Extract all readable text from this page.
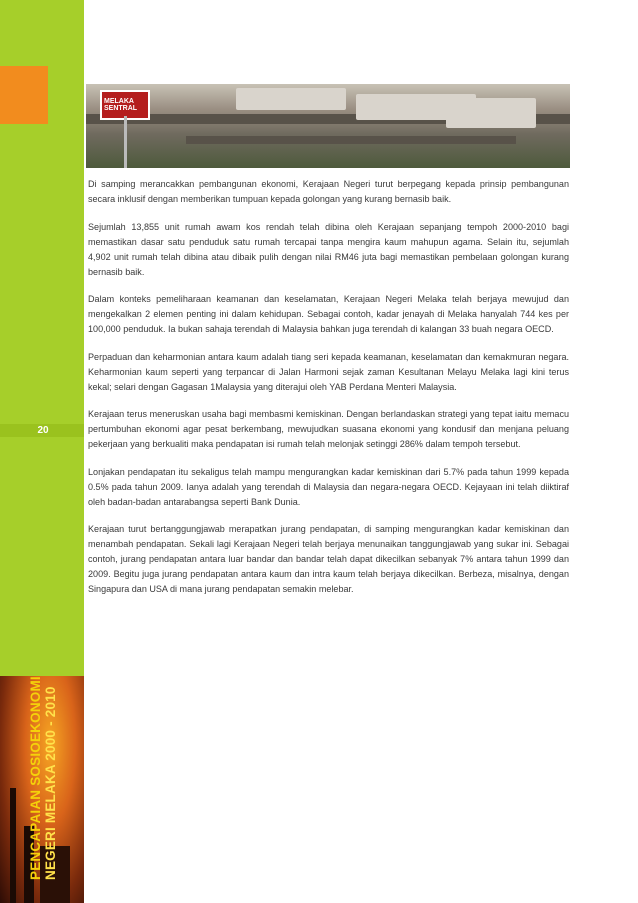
20
PENCAPAIAN SOSIOEKONOMI NEGERI MELAKA 2000 - 2010
MELAKA SENTRAL

Di samping merancakkan pembangunan ekonomi, Kerajaan Negeri turut berpegang kepada prinsip pembangunan secara inklusif dengan memberikan tumpuan kepada golongan yang kurang bernasib baik.

Sejumlah 13,855 unit rumah awam kos rendah telah dibina oleh Kerajaan sepanjang tempoh 2000-2010 bagi memastikan dasar satu penduduk satu rumah tercapai tanpa mengira kaum mahupun agama. Selain itu, sejumlah 4,902 unit rumah telah dibina atau dibaik pulih dengan nilai RM46 juta bagi memastikan pembelaan golongan kurang bernasib baik.

Dalam konteks pemeliharaan keamanan dan keselamatan, Kerajaan Negeri Melaka telah berjaya mewujud dan mengekalkan 2 elemen penting ini dalam kehidupan. Sebagai contoh, kadar jenayah di Melaka hanyalah 744 kes per 100,000 penduduk. Ia bukan sahaja terendah di Malaysia bahkan juga terendah di kalangan 33 buah negara OECD.

Perpaduan dan keharmonian antara kaum adalah tiang seri kepada keamanan, keselamatan dan kemakmuran negara. Keharmonian kaum seperti yang terpancar di Jalan Harmoni sejak zaman Kesultanan Melayu Melaka lagi kini terus kekal; selari dengan Gagasan 1Malaysia yang diterajui oleh YAB Perdana Menteri Malaysia.

Kerajaan terus meneruskan usaha bagi membasmi kemiskinan. Dengan berlandaskan strategi yang tepat iaitu memacu pertumbuhan ekonomi agar pesat berkembang, mewujudkan suasana ekonomi yang kondusif dan menjana peluang pekerjaan yang berkualiti maka pendapatan isi rumah telah melonjak setinggi 286% dalam tempoh tersebut.

Lonjakan pendapatan itu sekaligus telah mampu mengurangkan kadar kemiskinan dari 5.7% pada tahun 1999 kepada 0.5% pada tahun 2009. Ianya adalah yang terendah di Malaysia dan negara-negara OECD. Kejayaan ini telah diiktiraf oleh badan-badan antarabangsa seperti Bank Dunia.

Kerajaan turut bertanggungjawab merapatkan jurang pendapatan, di samping mengurangkan kadar kemiskinan dan menambah pendapatan. Sekali lagi Kerajaan Negeri telah berjaya menunaikan tanggungjawab yang sukar ini. Sebagai contoh, jurang pendapatan antara luar bandar dan bandar telah dapat dikecilkan sebanyak 7% antara tahun 1999 dan 2009. Begitu juga jurang pendapatan antara kaum dan intra kaum telah berjaya dikecilkan. Berbeza, misalnya, dengan Singapura dan USA di mana jurang pendapatan semakin melebar.
